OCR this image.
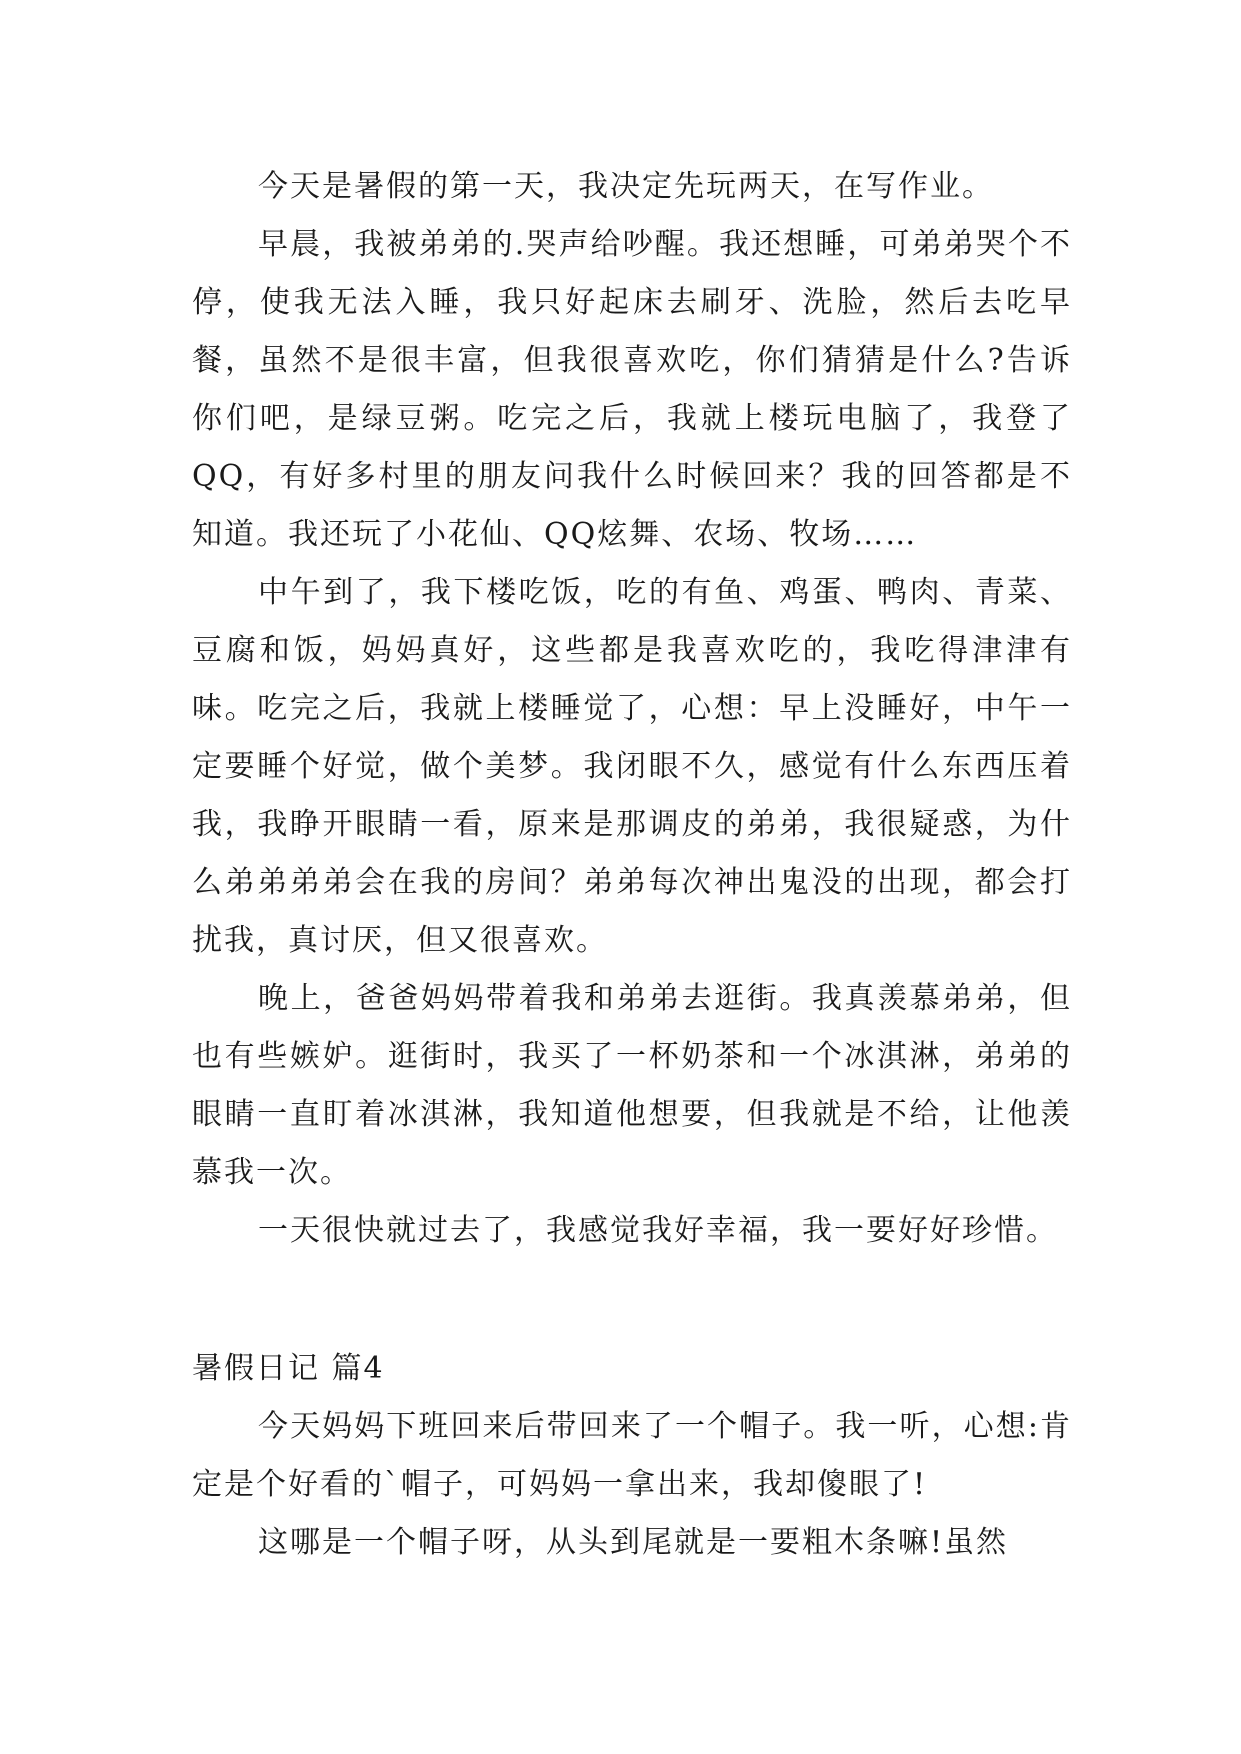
今天是暑假的第一天，我决定先玩两天，在写作业。

早晨，我被弟弟的.哭声给吵醒。我还想睡，可弟弟哭个不停，使我无法入睡，我只好起床去刷牙、洗脸，然后去吃早餐，虽然不是很丰富，但我很喜欢吃，你们猜猜是什么?告诉你们吧，是绿豆粥。吃完之后，我就上楼玩电脑了，我登了QQ，有好多村里的朋友问我什么时候回来？我的回答都是不知道。我还玩了小花仙、QQ炫舞、农场、牧场……

中午到了，我下楼吃饭，吃的有鱼、鸡蛋、鸭肉、青菜、豆腐和饭，妈妈真好，这些都是我喜欢吃的，我吃得津津有味。吃完之后，我就上楼睡觉了，心想：早上没睡好，中午一定要睡个好觉，做个美梦。我闭眼不久，感觉有什么东西压着我，我睁开眼睛一看，原来是那调皮的弟弟，我很疑惑，为什么弟弟弟弟会在我的房间？弟弟每次神出鬼没的出现，都会打扰我，真讨厌，但又很喜欢。

晚上，爸爸妈妈带着我和弟弟去逛街。我真羡慕弟弟，但也有些嫉妒。逛街时，我买了一杯奶茶和一个冰淇淋，弟弟的眼睛一直盯着冰淇淋，我知道他想要，但我就是不给，让他羡慕我一次。

一天很快就过去了，我感觉我好幸福，我一要好好珍惜。

暑假日记 篇4

今天妈妈下班回来后带回来了一个帽子。我一听，心想:肯定是个好看的`帽子，可妈妈一拿出来，我却傻眼了!

这哪是一个帽子呀，从头到尾就是一要粗木条嘛!虽然
